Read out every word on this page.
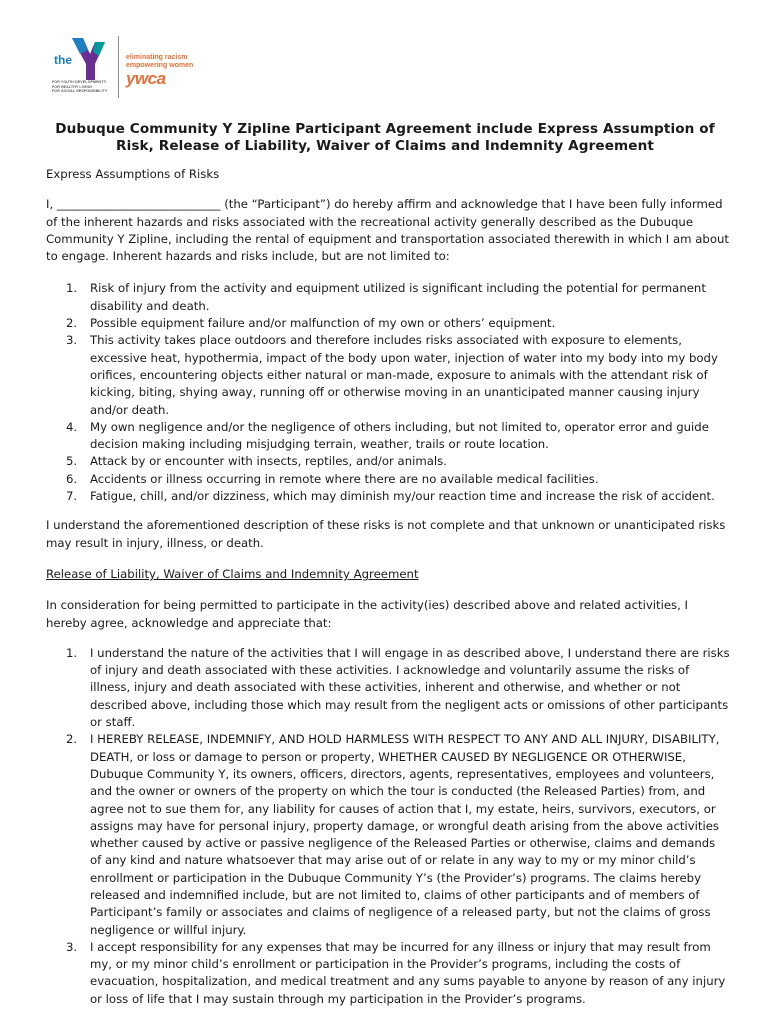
the
FOR YOUTH DEVELOPMENT®
FOR HEALTHY LIVING
FOR SOCIAL RESPONSIBILITY
eliminating racism
empowering women
ywca
Dubuque Community Y Zipline Participant Agreement include Express Assumption of Risk, Release of Liability, Waiver of Claims and Indemnity Agreement

Express Assumptions of Risks

I, ____________________________ (the “Participant”) do hereby affirm and acknowledge that I have been fully informed of the inherent hazards and risks associated with the recreational activity generally described as the Dubuque Community Y Zipline, including the rental of equipment and transportation associated therewith in which I am about to engage. Inherent hazards and risks include, but are not limited to:

1. Risk of injury from the activity and equipment utilized is significant including the potential for permanent disability and death.
2. Possible equipment failure and/or malfunction of my own or others’ equipment.
3. This activity takes place outdoors and therefore includes risks associated with exposure to elements, excessive heat, hypothermia, impact of the body upon water, injection of water into my body into my body orifices, encountering objects either natural or man-made, exposure to animals with the attendant risk of kicking, biting, shying away, running off or otherwise moving in an unanticipated manner causing injury and/or death.
4. My own negligence and/or the negligence of others including, but not limited to, operator error and guide decision making including misjudging terrain, weather, trails or route location.
5. Attack by or encounter with insects, reptiles, and/or animals.
6. Accidents or illness occurring in remote where there are no available medical facilities.
7. Fatigue, chill, and/or dizziness, which may diminish my/our reaction time and increase the risk of accident.

I understand the aforementioned description of these risks is not complete and that unknown or unanticipated risks may result in injury, illness, or death.

Release of Liability, Waiver of Claims and Indemnity Agreement

In consideration for being permitted to participate in the activity(ies) described above and related activities, I hereby agree, acknowledge and appreciate that:

1. I understand the nature of the activities that I will engage in as described above, I understand there are risks of injury and death associated with these activities. I acknowledge and voluntarily assume the risks of illness, injury and death associated with these activities, inherent and otherwise, and whether or not described above, including those which may result from the negligent acts or omissions of other participants or staff.
2. I HEREBY RELEASE, INDEMNIFY, AND HOLD HARMLESS WITH RESPECT TO ANY AND ALL INJURY, DISABILITY, DEATH, or loss or damage to person or property, WHETHER CAUSED BY NEGLIGENCE OR OTHERWISE, Dubuque Community Y, its owners, officers, directors, agents, representatives, employees and volunteers, and the owner or owners of the property on which the tour is conducted (the Released Parties) from, and agree not to sue them for, any liability for causes of action that I, my estate, heirs, survivors, executors, or assigns may have for personal injury, property damage, or wrongful death arising from the above activities whether caused by active or passive negligence of the Released Parties or otherwise, claims and demands of any kind and nature whatsoever that may arise out of or relate in any way to my or my minor child’s enrollment or participation in the Dubuque Community Y’s (the Provider’s) programs. The claims hereby released and indemnified include, but are not limited to, claims of other participants and of members of Participant’s family or associates and claims of negligence of a released party, but not the claims of gross negligence or willful injury.
3. I accept responsibility for any expenses that may be incurred for any illness or injury that may result from my, or my minor child’s enrollment or participation in the Provider’s programs, including the costs of evacuation, hospitalization, and medical treatment and any sums payable to anyone by reason of any injury or loss of life that I may sustain through my participation in the Provider’s programs.
